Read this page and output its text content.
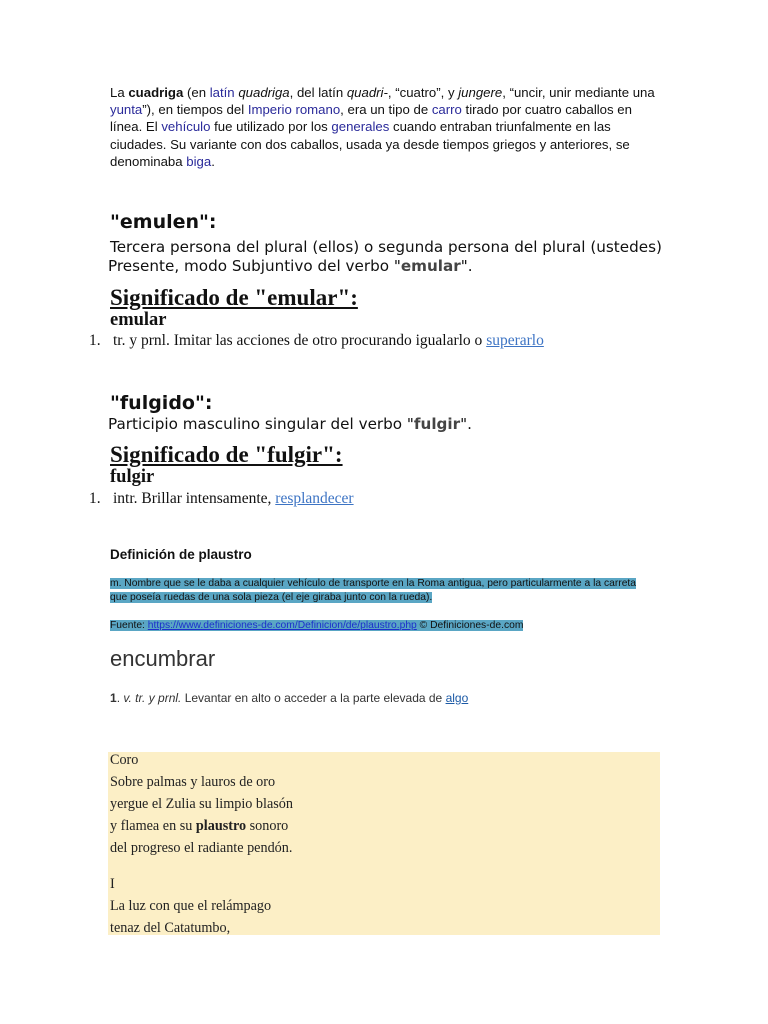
La cuadriga (en latín quadriga, del latín quadri-, “cuatro”, y jungere, “uncir, unir mediante una yunta”), en tiempos del Imperio romano, era un tipo de carro tirado por cuatro caballos en línea. El vehículo fue utilizado por los generales cuando entraban triunfalmente en las ciudades. Su variante con dos caballos, usada ya desde tiempos griegos y anteriores, se denominaba biga.
"emulen":
Tercera persona del plural (ellos) o segunda persona del plural (ustedes)
Presente, modo Subjuntivo del verbo "emular".
Significado de "emular":
emular
1. tr. y prnl. Imitar las acciones de otro procurando igualarlo o superarlo
"fulgido":
Participio masculino singular del verbo "fulgir".
Significado de "fulgir":
fulgir
1. intr. Brillar intensamente, resplandecer
Definición de plaustro
m. Nombre que se le daba a cualquier vehículo de transporte en la Roma antigua, pero particularmente a la carreta que poseía ruedas de una sola pieza (el eje giraba junto con la rueda).
Fuente: https://www.definiciones-de.com/Definicion/de/plaustro.php © Definiciones-de.com
encumbrar
1. v. tr. y prnl. Levantar en alto o acceder a la parte elevada de algo
Coro
Sobre palmas y lauros de oro
yergue el Zulia su limpio blasón
y flamea en su plaustro sonoro
del progreso el radiante pendón.
I
La luz con que el relámpago
tenaz del Catatumbo,
